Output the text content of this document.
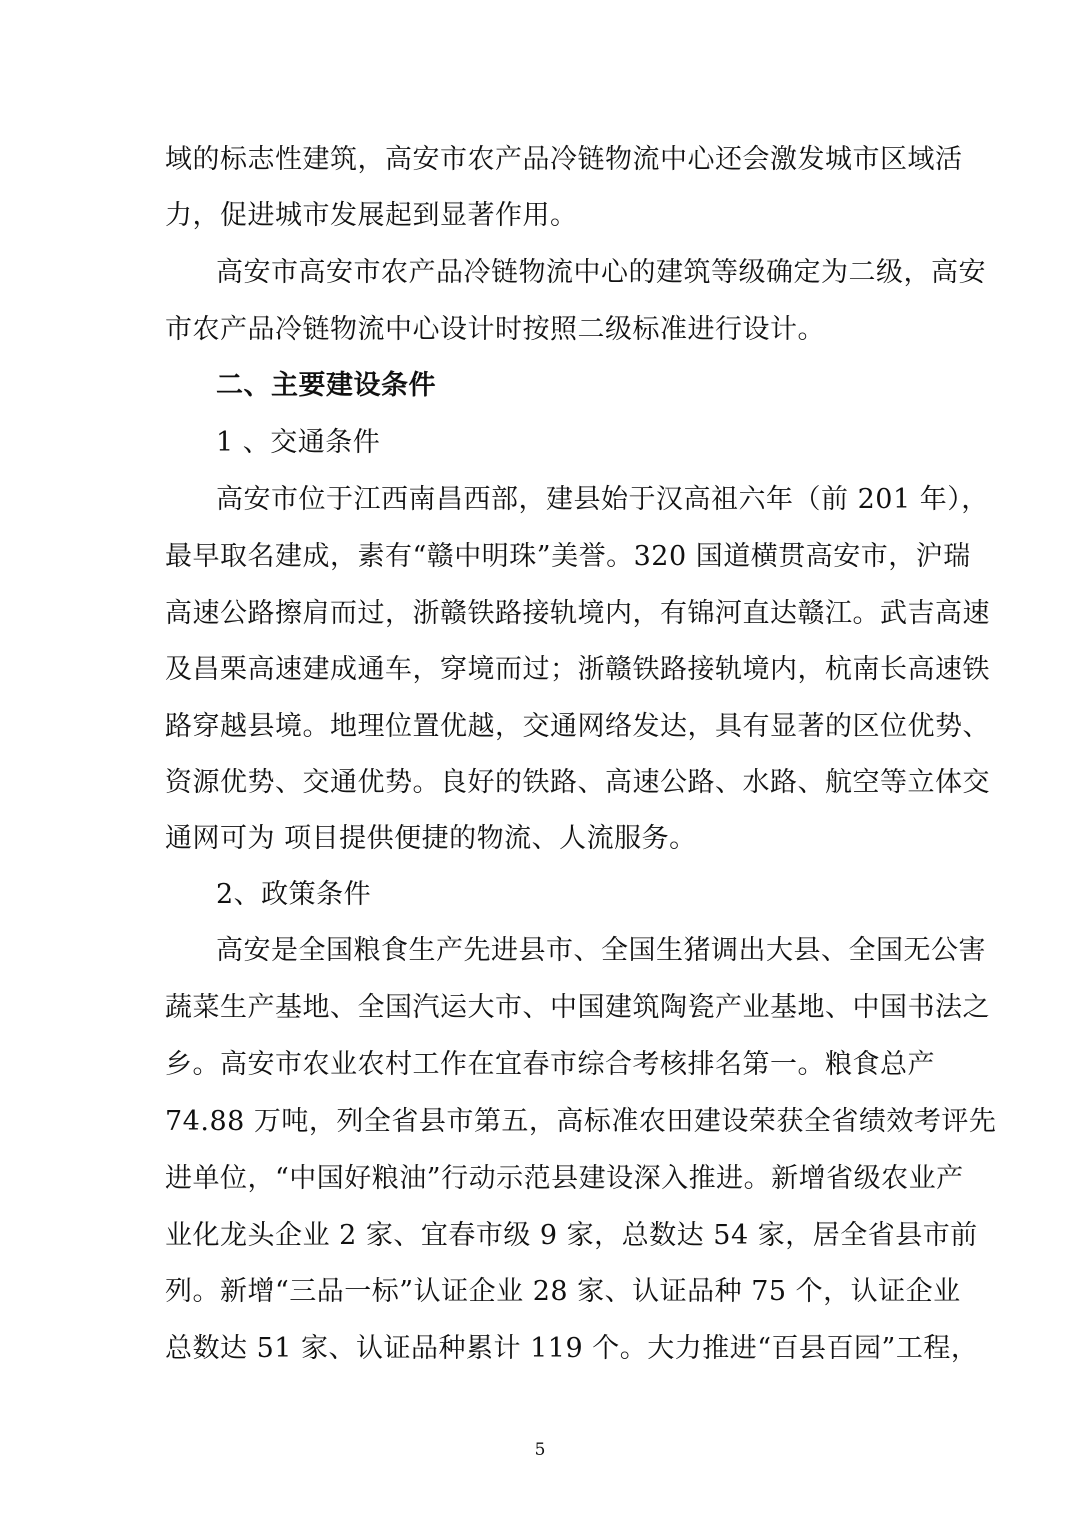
域的标志性建筑，高安市农产品冷链物流中心还会激发城市区域活
力，促进城市发展起到显著作用。
高安市高安市农产品冷链物流中心的建筑等级确定为二级，高安
市农产品冷链物流中心设计时按照二级标准进行设计。
二、主要建设条件
1 、交通条件
高安市位于江西南昌西部，建县始于汉高祖六年（前 201 年），
最早取名建成，素有“赣中明珠”美誉。320 国道横贯高安市，沪瑞
高速公路擦肩而过，浙赣铁路接轨境内，有锦河直达赣江。武吉高速
及昌栗高速建成通车，穿境而过；浙赣铁路接轨境内，杭南长高速铁
路穿越县境。地理位置优越，交通网络发达，具有显著的区位优势、
资源优势、交通优势。良好的铁路、高速公路、水路、航空等立体交
通网可为 项目提供便捷的物流、人流服务。
2、政策条件
高安是全国粮食生产先进县市、全国生猪调出大县、全国无公害
蔬菜生产基地、全国汽运大市、中国建筑陶瓷产业基地、中国书法之
乡。高安市农业农村工作在宜春市综合考核排名第一。粮食总产
74.88 万吨，列全省县市第五，高标准农田建设荣获全省绩效考评先
进单位，“中国好粮油”行动示范县建设深入推进。新增省级农业产
业化龙头企业 2 家、宜春市级 9 家，总数达 54 家，居全省县市前
列。新增“三品一标”认证企业 28 家、认证品种 75 个，认证企业
总数达 51 家、认证品种累计 119 个。大力推进“百县百园”工程，
5
